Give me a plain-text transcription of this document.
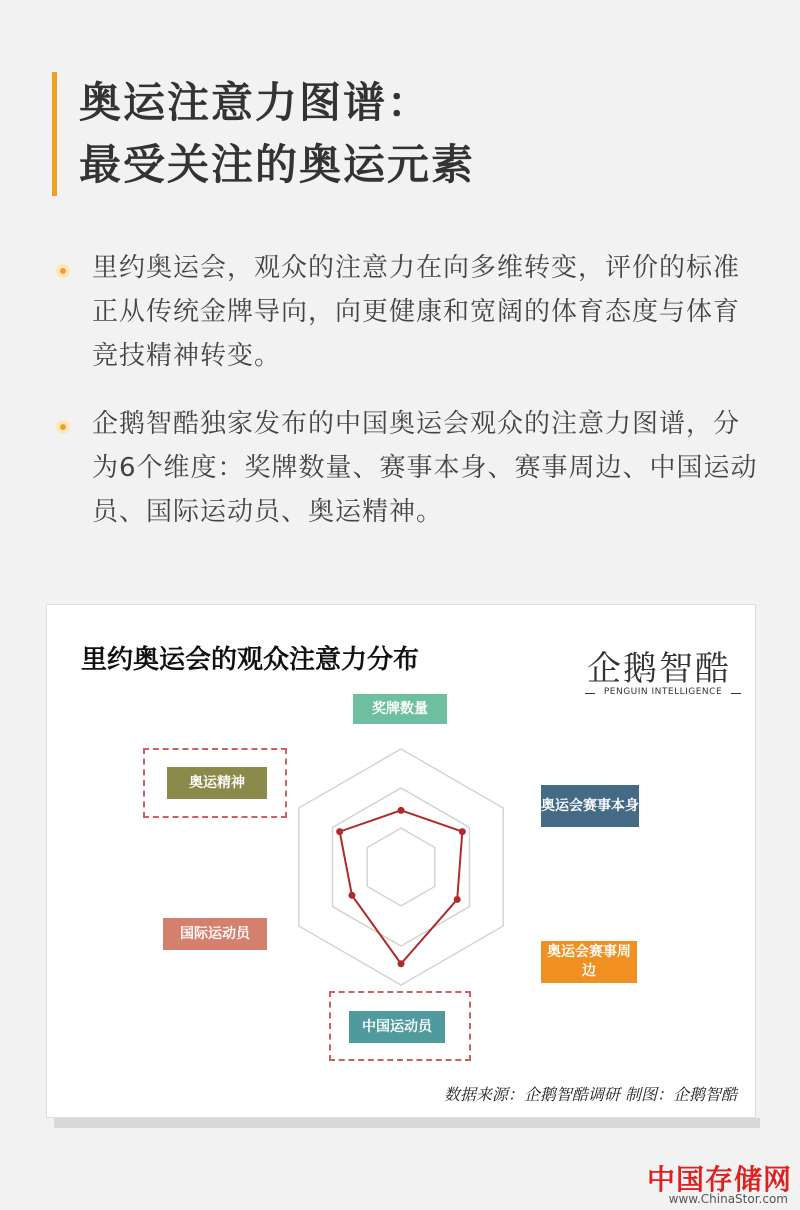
奥运注意力图谱：
最受关注的奥运元素
里约奥运会，观众的注意力在向多维转变，评价的标准正从传统金牌导向，向更健康和宽阔的体育态度与体育竞技精神转变。
企鹅智酷独家发布的中国奥运会观众的注意力图谱，分为6个维度：奖牌数量、赛事本身、赛事周边、中国运动员、国际运动员、奥运精神。
里约奥运会的观众注意力分布	企鹅智酷
PENGUIN INTELLIGENCE
奖牌数量
奥运会赛事本身
奥运会赛事周边
中国运动员
国际运动员
奥运精神
数据来源：企鹅智酷调研 制图：企鹅智酷
中国存储网
www.ChinaStor.com
